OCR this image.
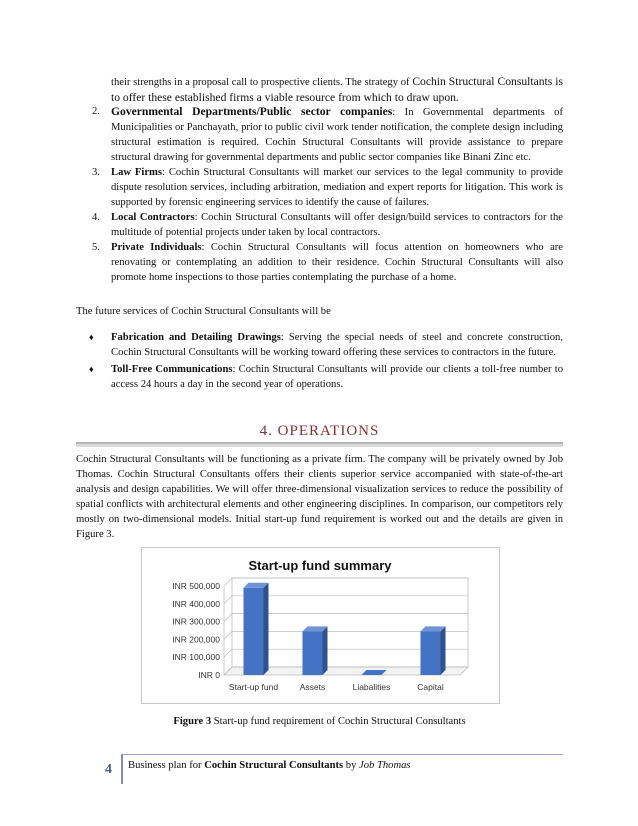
their strengths in a proposal call to prospective clients. The strategy of Cochin Structural Consultants is to offer these established firms a viable resource from which to draw upon.
2. Governmental Departments/Public sector companies: In Governmental departments of Municipalities or Panchayath, prior to public civil work tender notification, the complete design including structural estimation is required. Cochin Structural Consultants will provide assistance to prepare structural drawing for governmental departments and public sector companies like Binani Zinc etc.
3. Law Firms: Cochin Structural Consultants will market our services to the legal community to provide dispute resolution services, including arbitration, mediation and expert reports for litigation. This work is supported by forensic engineering services to identify the cause of failures.
4. Local Contractors: Cochin Structural Consultants will offer design/build services to contractors for the multitude of potential projects under taken by local contractors.
5. Private Individuals: Cochin Structural Consultants will focus attention on homeowners who are renovating or contemplating an addition to their residence. Cochin Structural Consultants will also promote home inspections to those parties contemplating the purchase of a home.
The future services of Cochin Structural Consultants will be
♦ Fabrication and Detailing Drawings: Serving the special needs of steel and concrete construction, Cochin Structural Consultants will be working toward offering these services to contractors in the future.
♦ Toll-Free Communications: Cochin Structural Consultants will provide our clients a toll-free number to access 24 hours a day in the second year of operations.
4. OPERATIONS
Cochin Structural Consultants will be functioning as a private firm. The company will be privately owned by Job Thomas. Cochin Structural Consultants offers their clients superior service accompanied with state-of-the-art analysis and design capabilities. We will offer three-dimensional visualization services to reduce the possibility of spatial conflicts with architectural elements and other engineering disciplines. In comparison, our competitors rely mostly on two-dimensional models. Initial start-up fund requirement is worked out and the details are given in Figure 3.
Start-up fund summary
INR 0
INR 100,000
INR 200,000
INR 300,000
INR 400,000
INR 500,000
Start-up fund	Assets	Liabalities	Capital
Figure 3 Start-up fund requirement of Cochin Structural Consultants
4 Business plan for Cochin Structural Consultants by Job Thomas
